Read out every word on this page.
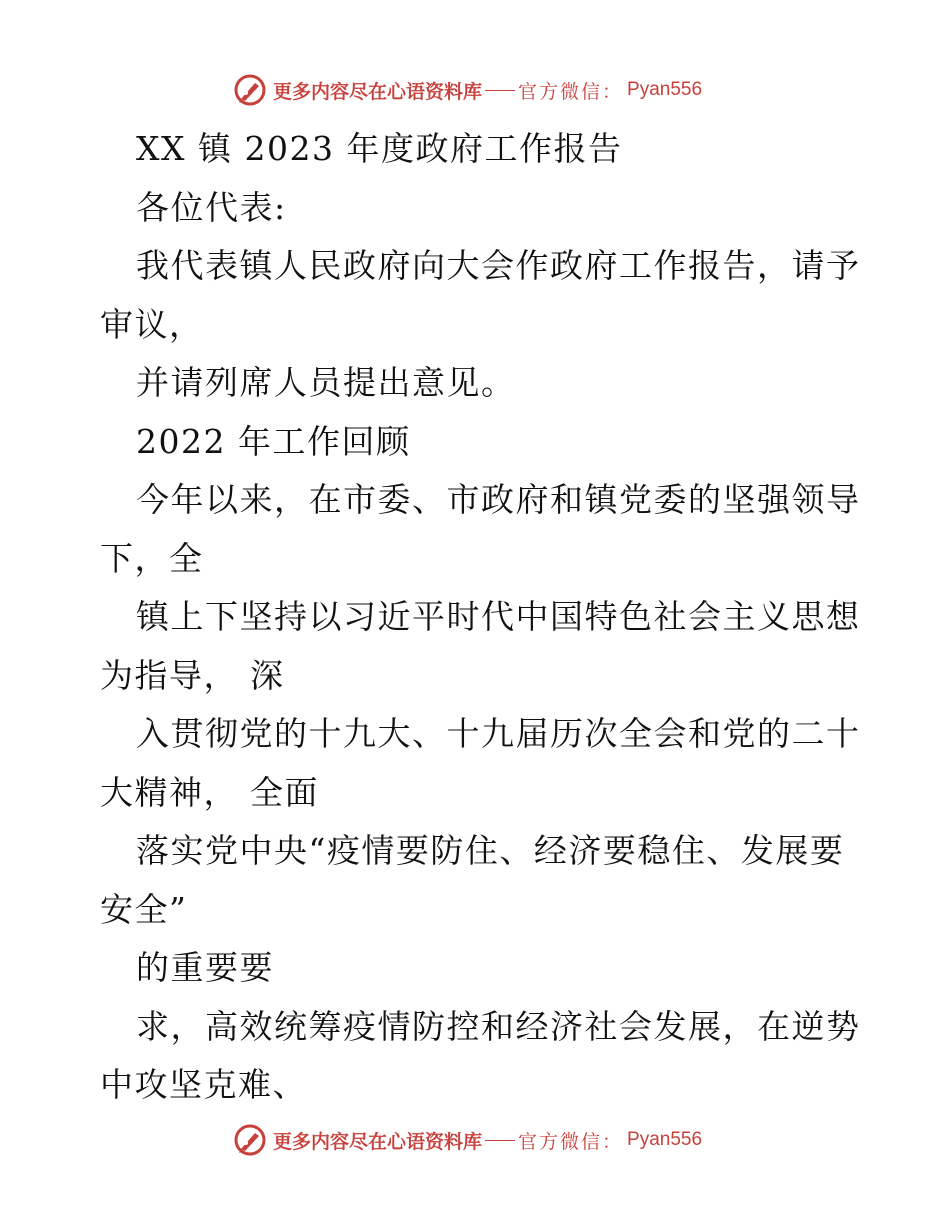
更多内容尽在心语资料库 官方微信： Pyan556
XX 镇 2023 年度政府工作报告
各位代表:
我代表镇人民政府向大会作政府工作报告，请予
审议，
并请列席人员提出意见。
2022 年工作回顾
今年以来，在市委、市政府和镇党委的坚强领导
下，全
镇上下坚持以习近平时代中国特色社会主义思想
为指导， 深
入贯彻党的十九大、十九届历次全会和党的二十
大精神， 全面
落实党中央“疫情要防住、经济要稳住、发展要
安全”
的重要要
求，高效统筹疫情防控和经济社会发展，在逆势
中攻坚克难、
更多内容尽在心语资料库 官方微信： Pyan556
